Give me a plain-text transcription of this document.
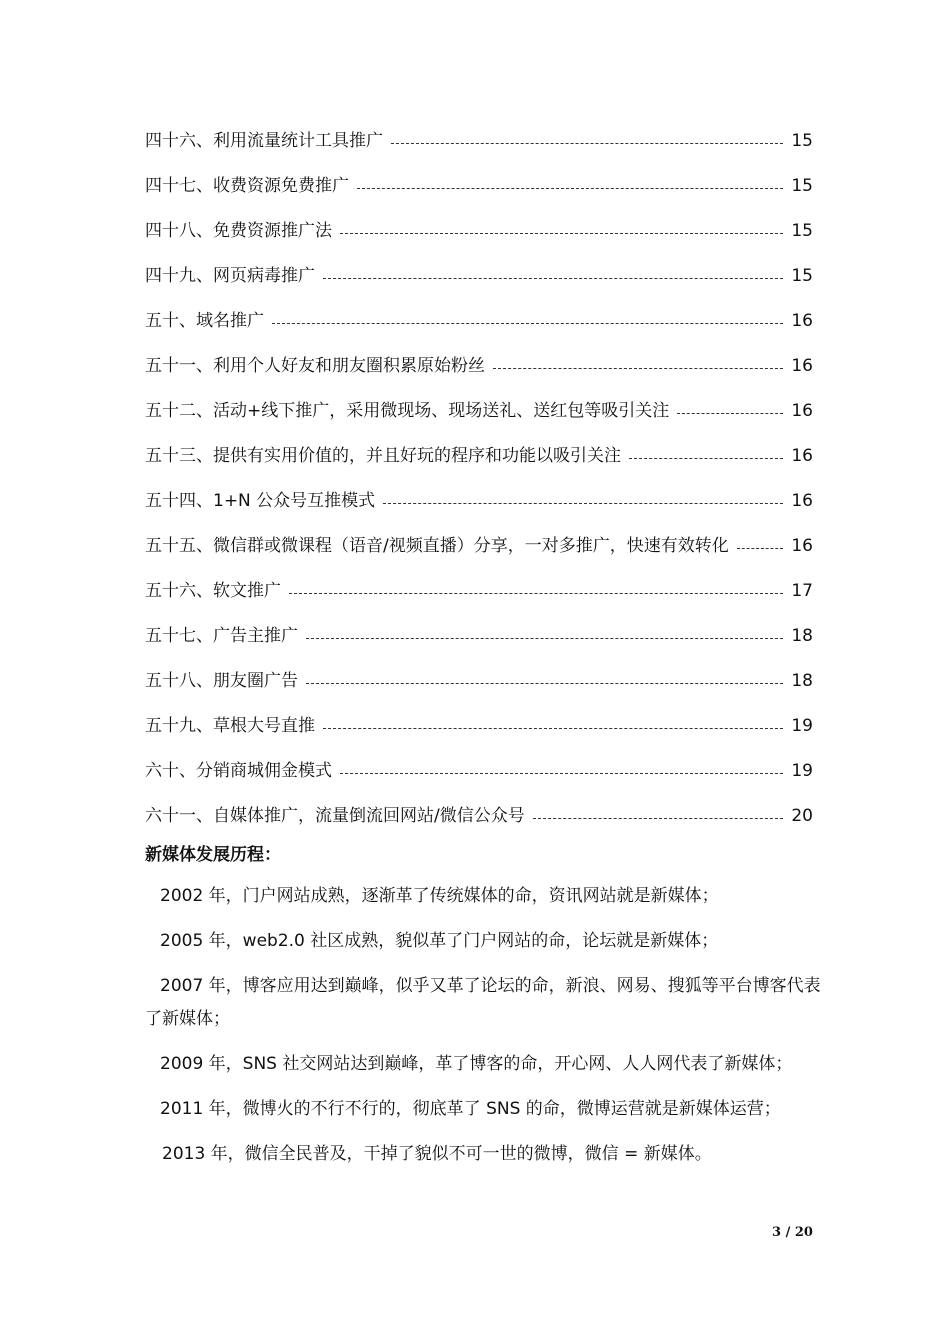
四十六、利用流量统计工具推广	15
四十七、收费资源免费推广	15
四十八、免费资源推广法	15
四十九、网页病毒推广	15
五十、域名推广	16
五十一、利用个人好友和朋友圈积累原始粉丝	16
五十二、活动+线下推广，采用微现场、现场送礼、送红包等吸引关注	16
五十三、提供有实用价值的，并且好玩的程序和功能以吸引关注	16
五十四、1+N 公众号互推模式	16
五十五、微信群或微课程（语音/视频直播）分享，一对多推广，快速有效转化	16
五十六、软文推广	17
五十七、广告主推广	18
五十八、朋友圈广告	18
五十九、草根大号直推	19
六十、分销商城佣金模式	19
六十一、自媒体推广，流量倒流回网站/微信公众号	20
新媒体发展历程：

2002 年，门户网站成熟，逐渐革了传统媒体的命，资讯网站就是新媒体；

2005 年，web2.0 社区成熟，貌似革了门户网站的命，论坛就是新媒体；

2007 年，博客应用达到巅峰，似乎又革了论坛的命，新浪、网易、搜狐等平台博客代表了新媒体；

2009 年，SNS 社交网站达到巅峰，革了博客的命，开心网、人人网代表了新媒体；

2011 年，微博火的不行不行的，彻底革了 SNS 的命，微博运营就是新媒体运营；

2013 年，微信全民普及，干掉了貌似不可一世的微博，微信 = 新媒体。

3 / 20
